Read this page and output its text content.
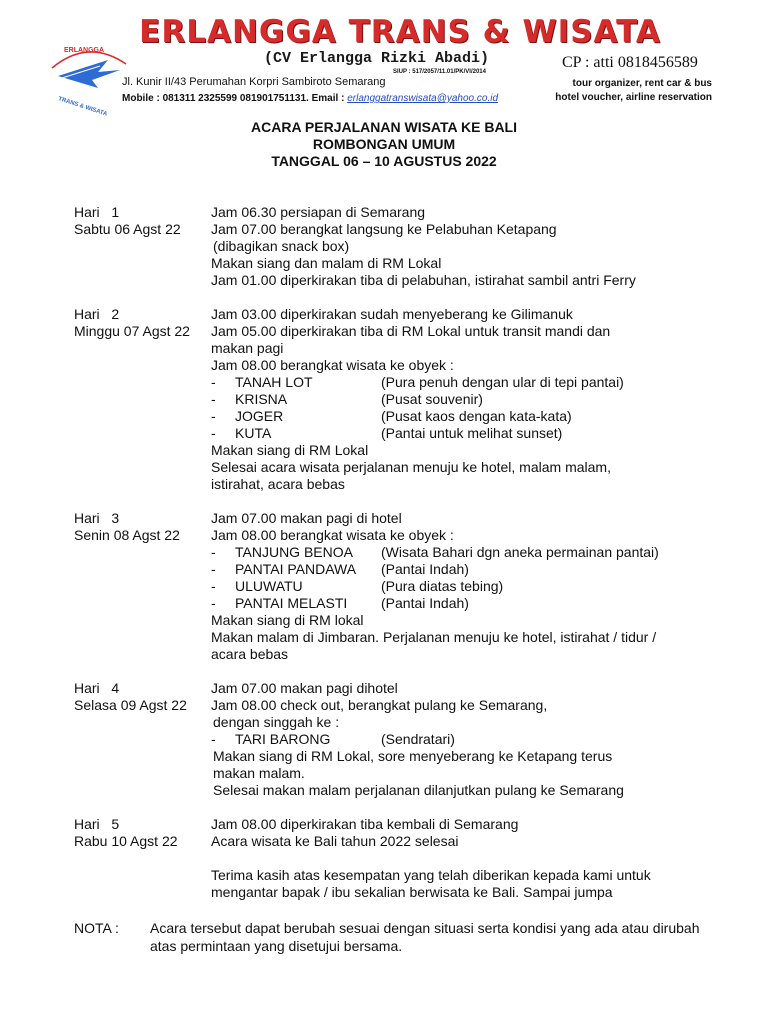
ERLANGGA
TRANS & WISATA
ERLANGGA TRANS & WISATA
(CV Erlangga Rizki Abadi)
SIUP : 517/2057/11.01/PK/VI/2014
Jl. Kunir II/43 Perumahan Korpri Sambiroto Semarang
Mobile : 081311 2325599 081901751131. Email : erlanggatranswisata@yahoo.co.id
CP : atti 0818456589
tour organizer, rent car & bus
hotel voucher, airline reservation
ACARA PERJALANAN WISATA KE BALI
ROMBONGAN UMUM
TANGGAL 06 – 10 AGUSTUS 2022
Hari   1
Sabtu 06 Agst 22
Jam 06.30 persiapan di Semarang
Jam 07.00 berangkat langsung ke Pelabuhan Ketapang
(dibagikan snack box)
Makan siang dan malam di RM Lokal
Jam 01.00 diperkirakan tiba di pelabuhan, istirahat sambil antri Ferry
Hari   2
Minggu 07 Agst 22
Jam 03.00 diperkirakan sudah menyeberang ke Gilimanuk
Jam 05.00 diperkirakan tiba di RM Lokal untuk transit mandi dan
makan pagi
Jam 08.00 berangkat wisata ke obyek :
-	TANAH LOT	(Pura penuh dengan ular di tepi pantai)
-	KRISNA	(Pusat souvenir)
-	JOGER	(Pusat kaos dengan kata-kata)
-	KUTA	(Pantai untuk melihat sunset)
Makan siang di RM Lokal
Selesai acara wisata perjalanan menuju ke hotel, malam malam,
istirahat, acara bebas
Hari   3
Senin 08 Agst 22
Jam 07.00 makan pagi di hotel
Jam 08.00 berangkat wisata ke obyek :
-	TANJUNG BENOA	(Wisata Bahari dgn aneka permainan pantai)
-	PANTAI PANDAWA	(Pantai Indah)
-	ULUWATU	(Pura diatas tebing)
-	PANTAI MELASTI	(Pantai Indah)
Makan siang di RM lokal
Makan malam di Jimbaran. Perjalanan menuju ke hotel, istirahat / tidur /
acara bebas
Hari   4
Selasa 09 Agst 22
Jam 07.00 makan pagi dihotel
Jam 08.00 check out, berangkat pulang ke Semarang,
dengan singgah ke :
-	TARI BARONG	(Sendratari)
Makan siang di RM Lokal, sore menyeberang ke Ketapang terus
makan malam.
Selesai makan malam perjalanan dilanjutkan pulang ke Semarang
Hari   5
Rabu 10 Agst 22
Jam 08.00 diperkirakan tiba kembali di Semarang
Acara wisata ke Bali tahun 2022 selesai
Terima kasih atas kesempatan yang telah diberikan kepada kami untuk
mengantar bapak / ibu sekalian berwisata ke Bali. Sampai jumpa
NOTA :	Acara tersebut dapat berubah sesuai dengan situasi serta kondisi yang ada atau dirubah atas permintaan yang disetujui bersama.
